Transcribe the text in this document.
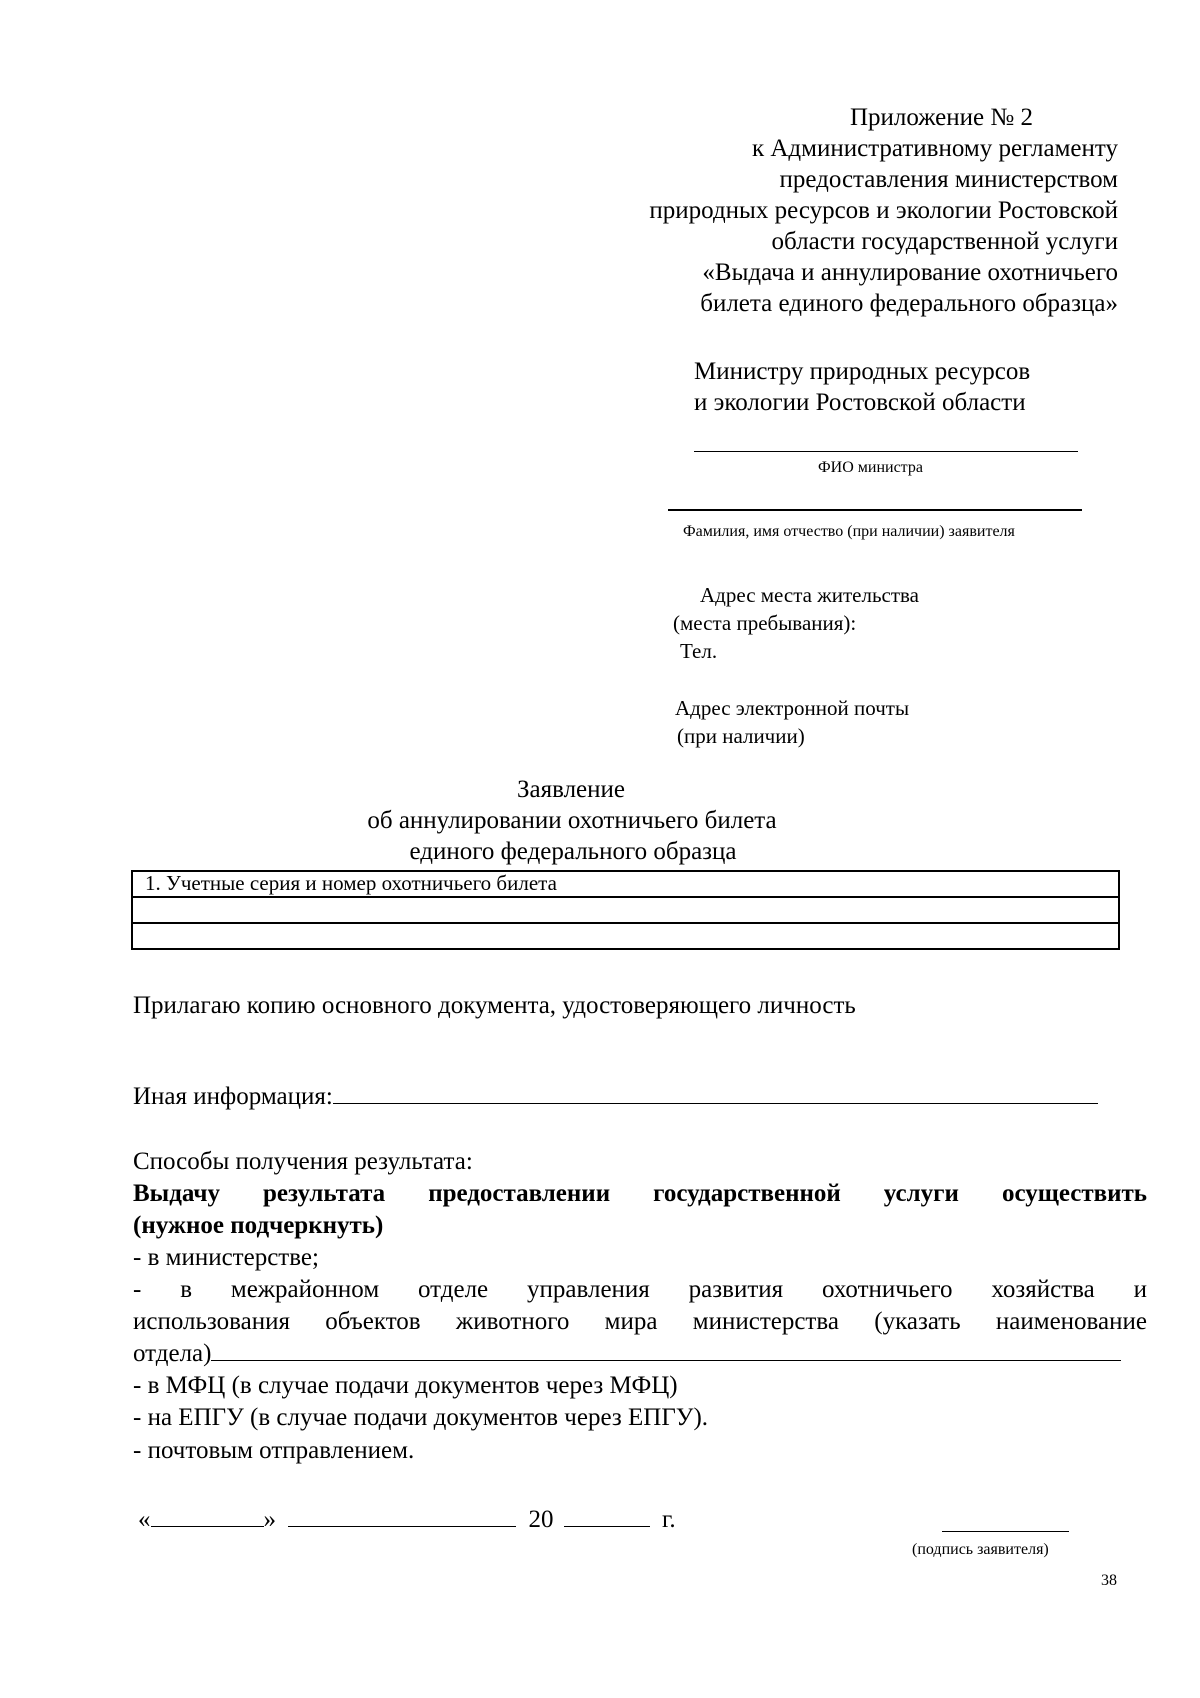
Приложение № 2
к Административному регламенту
предоставления министерством
природных ресурсов и экологии Ростовской
области государственной услуги
«Выдача и аннулирование охотничьего
билета единого федерального образца»
Министру природных ресурсов
и экологии Ростовской области
ФИО министра
Фамилия, имя отчество (при наличии) заявителя
Адрес места жительства
(места пребывания):
Тел.
Адрес электронной почты
(при наличии)
Заявление
об аннулировании охотничьего билета
единого федерального образца
1. Учетные серия и номер охотничьего билета

Прилагаю копию основного документа, удостоверяющего личность
Иная информация:
Способы получения результата:
Выдачу результата предоставлении государственной услуги осуществить
(нужное подчеркнуть)
- в министерстве;
- в межрайонном отделе управления развития охотничьего хозяйства и
использования объектов животного мира министерства (указать наименование
отдела)
- в МФЦ (в случае подачи документов через МФЦ)
- на ЕПГУ (в случае подачи документов через ЕПГУ).
- почтовым отправлением.
«	»	20	г.
(подпись заявителя)
38
